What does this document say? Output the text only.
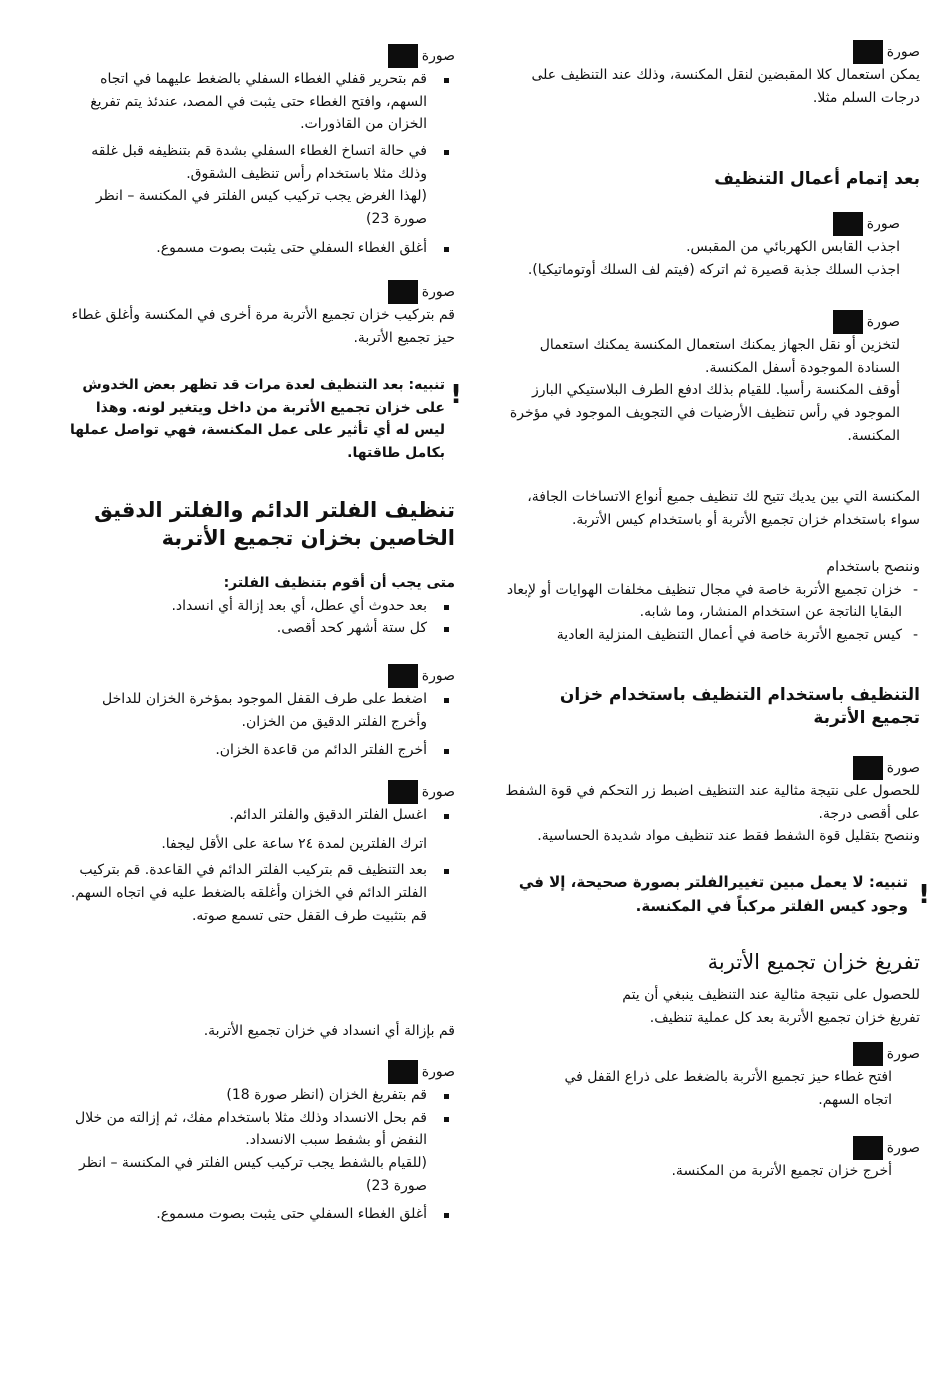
صورة

يمكن استعمال كلا المقبضين لنقل المكنسة، وذلك عند التنظيف على درجات السلم مثلا.

بعد إتمام أعمال التنظيف
صورة

اجذب القابس الكهربائي من المقبس.

اجذب السلك جذبة قصيرة ثم اتركه (فيتم لف السلك أوتوماتيكيا).

صورة

لتخزين أو نقل الجهاز يمكنك استعمال المكنسة يمكنك استعمال السنادة الموجودة أسفل المكنسة.

أوقف المكنسة رأسيا. للقيام بذلك ادفع الطرف البلاستيكي البارز الموجود في رأس تنظيف الأرضيات في التجويف الموجود في مؤخرة المكنسة.

المكنسة التي بين يديك تتيح لك تنظيف جميع أنواع الاتساخات الجافة، سواء باستخدام خزان تجميع الأتربة أو باستخدام كيس الأتربة.

وننصح باستخدام

- خزان تجميع الأتربة خاصة في مجال تنظيف مخلفات الهوايات أو لإبعاد البقايا الناتجة عن استخدام المنشار، وما شابه.

- كيس تجميع الأتربة خاصة في أعمال التنظيف المنزلية العادية

التنظيف باستخدام التنظيف باستخدام خزان تجميع الأتربة
صورة

للحصول على نتيجة مثالية عند التنظيف اضبط زر التحكم في قوة الشفط على أقصى درجة.

وننصح بتقليل قوة الشفط فقط عند تنظيف مواد شديدة الحساسية.

!
تنبيه: لا يعمل مبين تغييرالفلتر بصورة صحيحة، إلا في وجود كيس الفلتر مركباً في المكنسة.
تفريغ خزان تجميع الأتربة
للحصول على نتيجة مثالية عند التنظيف ينبغي أن يتم تفريغ خزان تجميع الأتربة بعد كل عملية تنظيف.
صورة

افتح غطاء حيز تجميع الأتربة بالضغط على ذراع القفل في اتجاه السهم.

صورة

أخرج خزان تجميع الأتربة من المكنسة.

صورة

قم بتحرير قفلي الغطاء السفلي بالضغط عليهما في اتجاه السهم، وافتح الغطاء حتى يثبت في المصد، عندئذ يتم تفريغ الخزان من القاذورات.

في حالة اتساخ الغطاء السفلي بشدة قم بتنظيفه قبل غلقه وذلك مثلا باستخدام رأس تنظيف الشقوق.

(لهذا الغرض يجب تركيب كيس الفلتر في المكنسة – انظر صورة 23)

أغلق الغطاء السفلي حتى يثبت بصوت مسموع.

صورة

قم بتركيب خزان تجميع الأتربة مرة أخرى في المكنسة وأغلق غطاء حيز تجميع الأتربة.

!
تنبيه: بعد التنظيف لعدة مرات قد تظهر بعض الخدوش على خزان تجميع الأتربة من داخل ويتغير لونه. وهذا ليس له أي تأثير على عمل المكنسة، فهي تواصل عملها بكامل طاقتها.
تنظيف الفلتر الدائم والفلتر الدقيق الخاصين بخزان تجميع الأتربة

متى يجب أن أقوم بتنظيف الفلتر:

بعد حدوث أي عطل، أي بعد إزالة أي انسداد.

كل ستة أشهر كحد أقصى.

صورة

اضغط على طرف القفل الموجود بمؤخرة الخزان للداخل وأخرج الفلتر الدقيق من الخزان.

أخرج الفلتر الدائم من قاعدة الخزان.

صورة

اغسل الفلتر الدقيق والفلتر الدائم.

اترك الفلترين لمدة ٢٤ ساعة على الأقل ليجفا.

بعد التنظيف قم بتركيب الفلتر الدائم في القاعدة. قم بتركيب الفلتر الدائم في الخزان وأغلقه بالضغط عليه في اتجاه السهم. قم بتثبيت طرف القفل حتى تسمع صوته.

قم بإزالة أي انسداد في خزان تجميع الأتربة.
صورة

قم بتفريغ الخزان (انظر صورة 18)

قم بحل الانسداد وذلك مثلا باستخدام مفك، ثم إزالته من خلال النفض أو بشفط سبب الانسداد.

(للقيام بالشفط يجب تركيب كيس الفلتر في المكنسة – انظر صورة 23)

أغلق الغطاء السفلي حتى يثبت بصوت مسموع.
